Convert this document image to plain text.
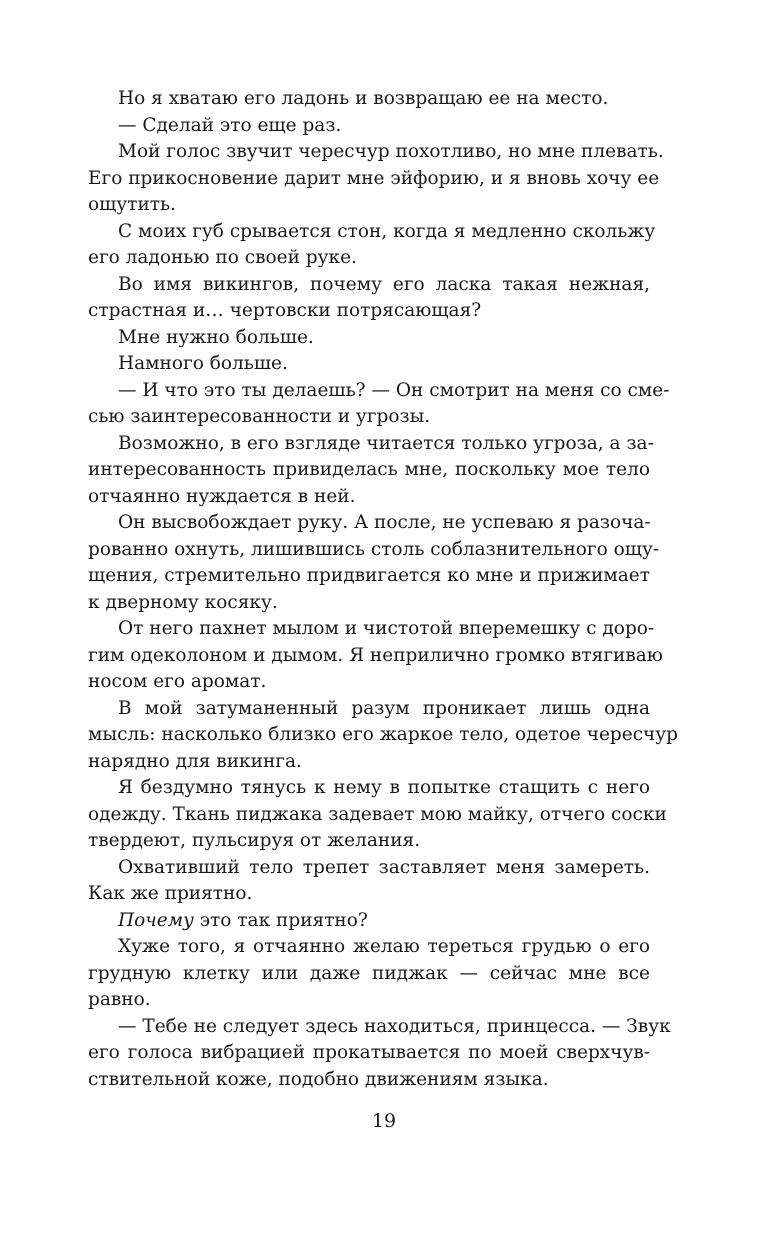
Но я хватаю его ладонь и возвращаю ее на место.
— Сделай это еще раз.
Мой голос звучит чересчур похотливо, но мне плевать.
Его прикосновение дарит мне эйфорию, и я вновь хочу ее
ощутить.
С моих губ срывается стон, когда я медленно скольжу
его ладонью по своей руке.
Во имя викингов, почему его ласка такая нежная,
страстная и… чертовски потрясающая?
Мне нужно больше.
Намного больше.
— И что это ты делаешь? — Он смотрит на меня со сме-
сью заинтересованности и угрозы.
Возможно, в его взгляде читается только угроза, а за-
интересованность привиделась мне, поскольку мое тело
отчаянно нуждается в ней.
Он высвобождает руку. А после, не успеваю я разоча-
рованно охнуть, лишившись столь соблазнительного ощу-
щения, стремительно придвигается ко мне и прижимает
к дверному косяку.
От него пахнет мылом и чистотой вперемешку с доро-
гим одеколоном и дымом. Я неприлично громко втягиваю
носом его аромат.
В мой затуманенный разум проникает лишь одна
мысль: насколько близко его жаркое тело, одетое чересчур
нарядно для викинга.
Я бездумно тянусь к нему в попытке стащить с него
одежду. Ткань пиджака задевает мою майку, отчего соски
твердеют, пульсируя от желания.
Охвативший тело трепет заставляет меня замереть.
Как же приятно.
Почему это так приятно?
Хуже того, я отчаянно желаю тереться грудью о его
грудную клетку или даже пиджак — сейчас мне все
равно.
— Тебе не следует здесь находиться, принцесса. — Звук
его голоса вибрацией прокатывается по моей сверхчув-
ствительной коже, подобно движениям языка.
19
